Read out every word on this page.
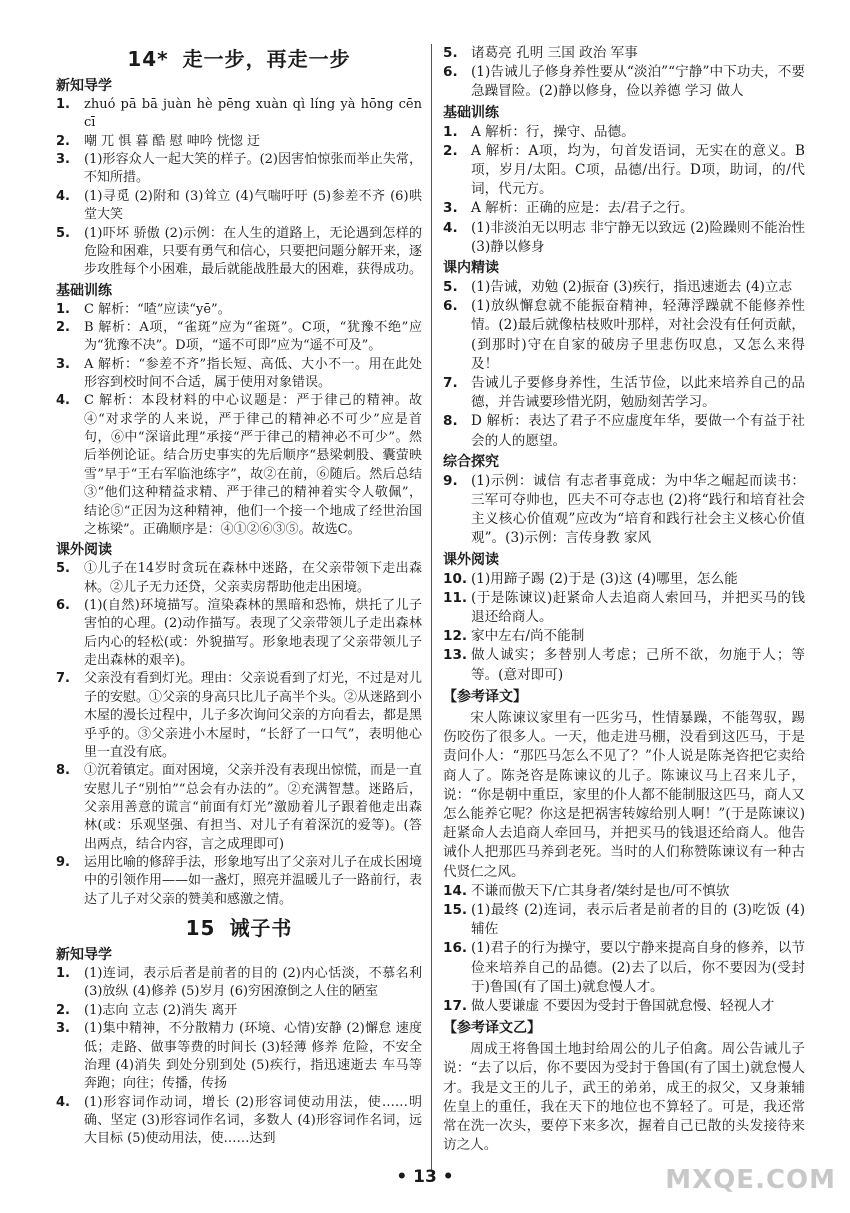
14* 走一步，再走一步
新知导学
1.	zhuó pā bā juàn hè pēng xuàn qì líng yà hōng cēn cī
2.	嘲 兀 惧 暮 酷 慰 呻吟 恍惚 迂
3.	(1)形容众人一起大笑的样子。(2)因害怕惊张而举止失常，不知所措。
4.	(1)寻觅 (2)附和 (3)耸立 (4)气喘吁吁 (5)参差不齐 (6)哄堂大笑
5.	(1)吓坏 骄傲 (2)示例：在人生的道路上，无论遇到怎样的危险和困难，只要有勇气和信心，只要把问题分解开来，逐步攻胜每个小困难，最后就能战胜最大的困难，获得成功。
基础训练
1.	C 解析：“喳”应读“yē”。
2.	B 解析：A项，“雀斑”应为“雀斑”。C项，“犹豫不绝”应为“犹豫不决”。D项，“遥不可即”应为“遥不可及”。
3.	A 解析：“参差不齐”指长短、高低、大小不一。用在此处形容到校时间不合适，属于使用对象错误。
4.	C 解析：本段材料的中心议题是：严于律己的精神。故④“对求学的人来说，严于律己的精神必不可少”应是首句，⑥中“深谙此理”承接“严于律己的精神必不可少”。然后举例论证。结合历史事实的先后顺序“悬梁刺股、囊萤映雪”早于“王右军临池练字”，故②在前，⑥随后。然后总结③“他们这种精益求精、严于律己的精神着实令人敬佩”，结论⑤“正因为这种精神，他们一个接一个地成了经世治国之栋梁”。正确顺序是：④①②⑥③⑤。故选C。
课外阅读
5.	①儿子在14岁时贪玩在森林中迷路，在父亲带领下走出森林。②儿子无力还贷，父亲卖房帮助他走出困境。
6.	(1)(自然)环境描写。渲染森林的黑暗和恐怖，烘托了儿子害怕的心理。(2)动作描写。表现了父亲带领儿子走出森林后内心的轻松(或：外貌描写。形象地表现了父亲带领儿子走出森林的艰辛)。
7.	父亲没有看到灯光。理由：父亲说看到了灯光，不过是对儿子的安慰。①父亲的身高只比儿子高半个头。②从迷路到小木屋的漫长过程中，儿子多次询问父亲的方向看去，都是黑乎乎的。③父亲进小木屋时，“长舒了一口气”，表明他心里一直没有底。
8.	①沉着镇定。面对困境，父亲并没有表现出惊慌，而是一直安慰儿子“别怕”“总会有办法的”。②充满智慧。迷路后，父亲用善意的谎言“前面有灯光”激励着儿子跟着他走出森林(或：乐观坚强、有担当、对儿子有着深沉的爱等)。(答出两点，结合内容，言之成理即可)
9.	运用比喻的修辞手法，形象地写出了父亲对儿子在成长困境中的引领作用——如一盏灯，照亮并温暖儿子一路前行，表达了儿子对父亲的赞美和感激之情。
15 诫子书
新知导学
1.	(1)连词，表示后者是前者的目的 (2)内心恬淡，不慕名利 (3)放纵 (4)修养 (5)岁月 (6)穷困潦倒之人住的陋室
2.	(1)志向 立志 (2)消失 离开
3.	(1)集中精神，不分散精力 (环境、心情)安静 (2)懈怠 速度低；走路、做事等费的时间长 (3)轻薄 修养 危险，不安全 治理 (4)消失 到处分别到处 (5)疾行，指迅速逝去 车马等奔跑；向往；传播，传扬
4.	(1)形容词作动词，增长 (2)形容词使动用法，使……明确、坚定 (3)形容词作名词，多数人 (4)形容词作名词，远大目标 (5)使动用法，使……达到
5. 诸葛亮 孔明 三国 政治 军事
6. (1)告诫儿子修身养性要从“淡泊”“宁静”中下功夫，不要急躁冒险。(2)静以修身，俭以养德 学习 做人
基础训练
1. A 解析：行，操守、品德。
2. A 解析：A项，均为，句首发语词，无实在的意义。B项，岁月/太阳。C项，品德/出行。D项，助词，的/代词，代元方。
3. A 解析：正确的应是：去/君子之行。
4. (1)非淡泊无以明志 非宁静无以致远 (2)险躁则不能治性 (3)静以修身
课内精读
5. (1)告诫，劝勉 (2)振奋 (3)疾行，指迅速逝去 (4)立志
6. (1)放纵懈怠就不能振奋精神，轻薄浮躁就不能修养性情。(2)最后就像枯枝败叶那样，对社会没有任何贡献，(到那时)守在自家的破房子里悲伤叹息，又怎么来得及！
7. 告诫儿子要修身养性，生活节俭，以此来培养自己的品德，并告诫要珍惜光阴，勉励刻苦学习。
8. D 解析：表达了君子不应虚度年华，要做一个有益于社会的人的愿望。
综合探究
9. (1)示例：诚信 有志者事竟成：为中华之崛起而读书：三军可夺帅也，匹夫不可夺志也 (2)将“践行和培育社会主义核心价值观”应改为“培育和践行社会主义核心价值观”。(3)示例：言传身教 家风
课外阅读
10. (1)用蹄子踢 (2)于是 (3)这 (4)哪里，怎么能
11. (于是陈谏议)赶紧命人去追商人索回马，并把买马的钱退还给商人。
12. 家中左右/尚不能制
13. 做人诚实；多替别人考虑；己所不欲，勿施于人；等等。(意对即可)
【参考译文】

宋人陈谏议家里有一匹劣马，性情暴躁，不能驾驭，踢伤咬伤了很多人。一天，他走进马棚，没看到这匹马，于是责问仆人：“那匹马怎么不见了？”仆人说是陈尧咨把它卖给商人了。陈尧咨是陈谏议的儿子。陈谏议马上召来儿子，说：“你是朝中重臣，家里的仆人都不能制服这匹马，商人又怎么能养它呢？你这是把祸害转嫁给别人啊！”(于是陈谏议)赶紧命人去追商人牵回马，并把买马的钱退还给商人。他告诫仆人把那匹马养到老死。当时的人们称赞陈谏议有一种古代贤仁之风。

14. 不谦而傲天下/亡其身者/桀纣是也/可不慎欤
15. (1)最终 (2)连词，表示后者是前者的目的 (3)吃饭 (4)辅佐
16. (1)君子的行为操守，要以宁静来提高自身的修养，以节俭来培养自己的品德。(2)去了以后，你不要因为(受封于)鲁国(有了国土)就怠慢人才。
17. 做人要谦虚 不要因为受封于鲁国就怠慢、轻视人才
【参考译文乙】

周成王将鲁国土地封给周公的儿子伯禽。周公告诫儿子说：“去了以后，你不要因为受封于鲁国(有了国土)就怠慢人才。我是文王的儿子，武王的弟弟，成王的叔父，又身兼辅佐皇上的重任，我在天下的地位也不算轻了。可是，我还常常在洗一次头，要停下来多次，握着自己已散的头发接待来访之人。

• 13 •	MXQE.COM
